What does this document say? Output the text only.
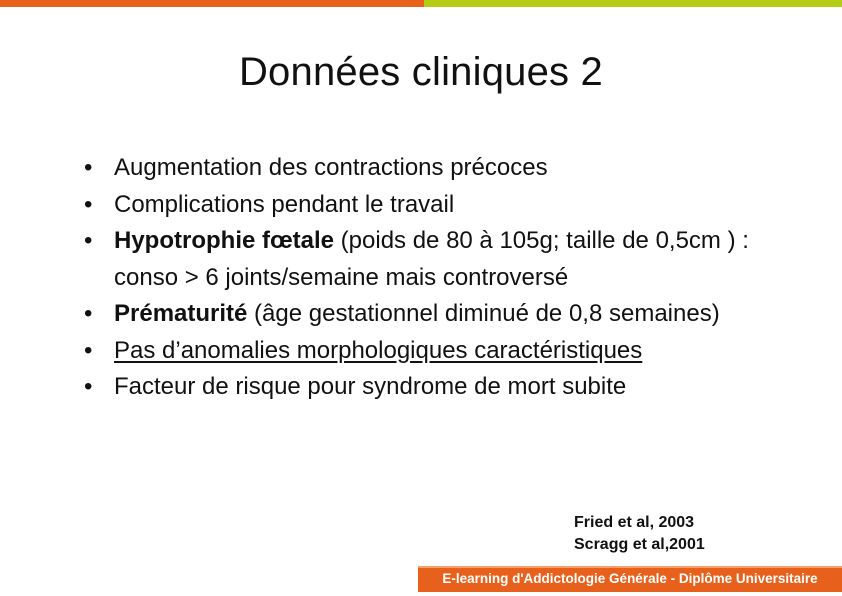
Données cliniques 2
• Augmentation des contractions précoces
• Complications pendant le travail
• Hypotrophie fœtale (poids de 80 à 105g; taille de 0,5cm ) : conso > 6 joints/semaine mais controversé
• Prématurité (âge gestationnel diminué de 0,8 semaines)
• Pas d’anomalies morphologiques caractéristiques
• Facteur de risque pour syndrome de mort subite
Fried et al, 2003
Scragg et al,2001
E-learning d'Addictologie Générale - Diplôme Universitaire
